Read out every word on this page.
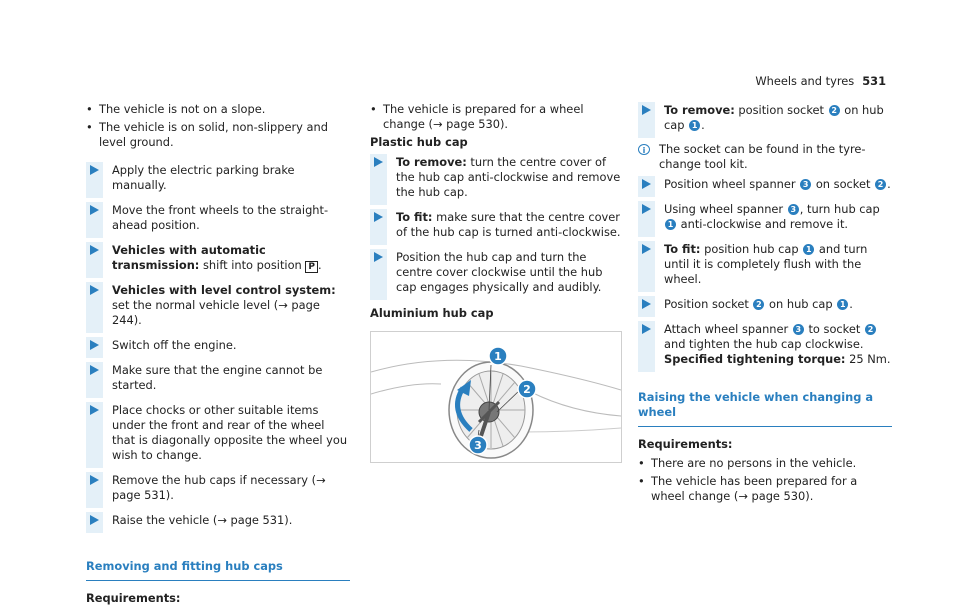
Wheels and tyres 531
• The vehicle is not on a slope.
• The vehicle is on solid, non-slippery and level ground.
Apply the electric parking brake manually.
Move the front wheels to the straight-ahead position.
Vehicles with automatic transmission: shift into position P .
Vehicles with level control system: set the normal vehicle level (→ page 244).
Switch off the engine.
Make sure that the engine cannot be started.
Place chocks or other suitable items under the front and rear of the wheel that is diagonally opposite the wheel you wish to change.
Remove the hub caps if necessary (→ page 531).
Raise the vehicle (→ page 531).
Removing and fitting hub caps
Requirements:
• The vehicle is prepared for a wheel change (→ page 530).
Plastic hub cap
To remove: turn the centre cover of the hub cap anti-clockwise and remove the hub cap.
To fit: make sure that the centre cover of the hub cap is turned anti-clockwise.
Position the hub cap and turn the centre cover clockwise until the hub cap engages physically and audibly.
Aluminium hub cap
1
2
3
To remove: position socket 2 on hub cap 1 .
i	The socket can be found in the tyre-change tool kit.
Position wheel spanner 3 on socket 2 .
Using wheel spanner 3 , turn hub cap 1 anti-clockwise and remove it.
To fit: position hub cap 1 and turn until it is completely flush with the wheel.
Position socket 2 on hub cap 1 .
Attach wheel spanner 3 to socket 2 and tighten the hub cap clockwise.
Specified tightening torque: 25 Nm.
Raising the vehicle when changing a wheel
Requirements:
• There are no persons in the vehicle.
• The vehicle has been prepared for a wheel change (→ page 530).
